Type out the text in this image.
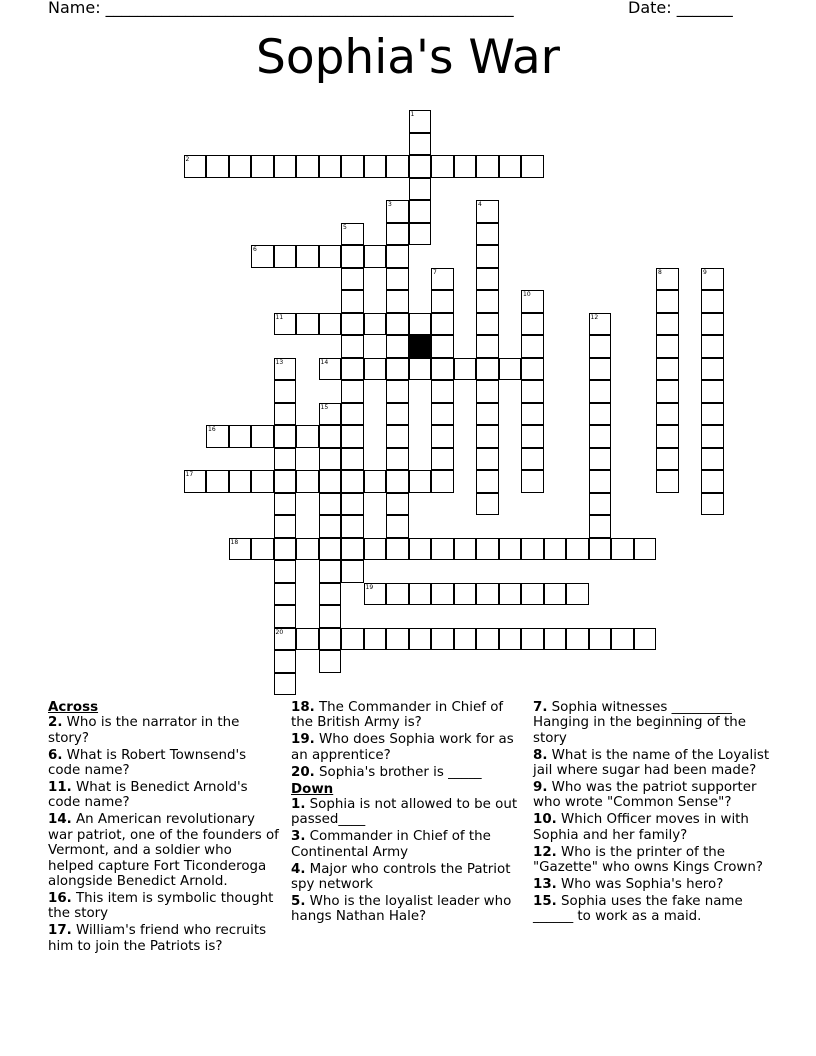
Name: ___________________________________________________	Date: _______
Sophia's War
1
2
3	4
5
6
7	8	9
10
11	12
13
20
14
15
16
17
18
19
Across
2. Who is the narrator in the story?
6. What is Robert Townsend's code name?
11. What is Benedict Arnold's code name?
14. An American revolutionary war patriot, one of the founders of Vermont, and a soldier who helped capture Fort Ticonderoga alongside Benedict Arnold.
16. This item is symbolic thought the story
17. William's friend who recruits him to join the Patriots is?
18. The Commander in Chief of the British Army is?
19. Who does Sophia work for as an apprentice?
20. Sophia's brother is _____
Down
1. Sophia is not allowed to be out passed____
3. Commander in Chief of the Continental Army
4. Major who controls the Patriot spy network
5. Who is the loyalist leader who hangs Nathan Hale?
7. Sophia witnesses _________ Hanging in the beginning of the story
8. What is the name of the Loyalist jail where sugar had been made?
9. Who was the patriot supporter who wrote "Common Sense"?
10. Which Officer moves in with Sophia and her family?
12. Who is the printer of the "Gazette" who owns Kings Crown?
13. Who was Sophia's hero?
15. Sophia uses the fake name ______ to work as a maid.
